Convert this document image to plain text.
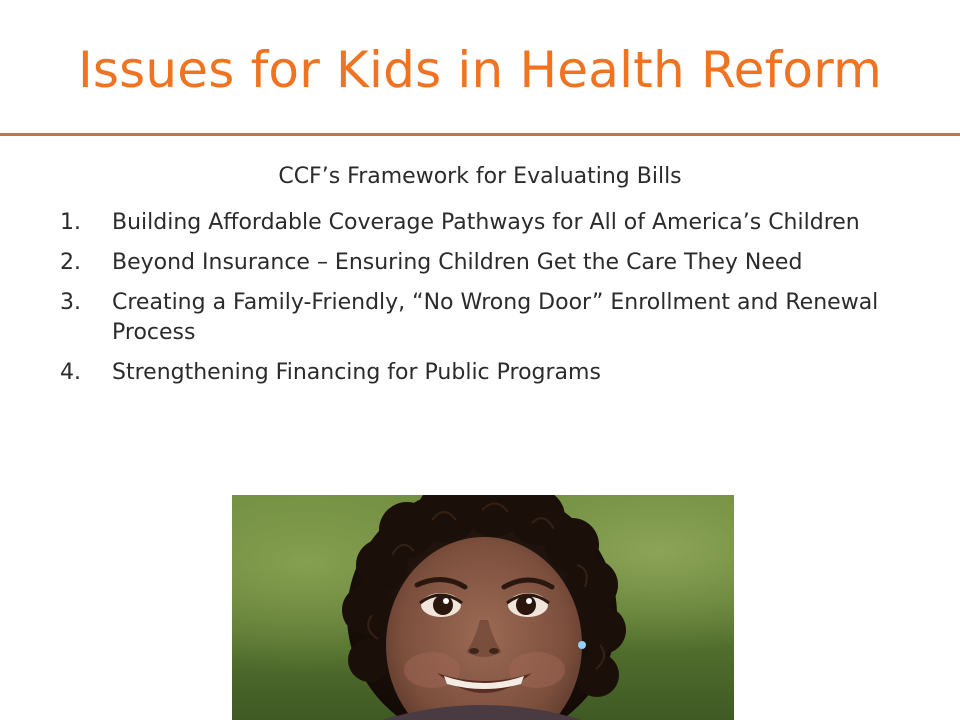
Issues for Kids in Health Reform
CCF’s Framework for Evaluating Bills
1. Building Affordable Coverage Pathways for All of America’s Children
2. Beyond Insurance – Ensuring Children Get the Care They Need
3. Creating a Family-Friendly, “No Wrong Door” Enrollment and Renewal Process
4. Strengthening Financing for Public Programs
